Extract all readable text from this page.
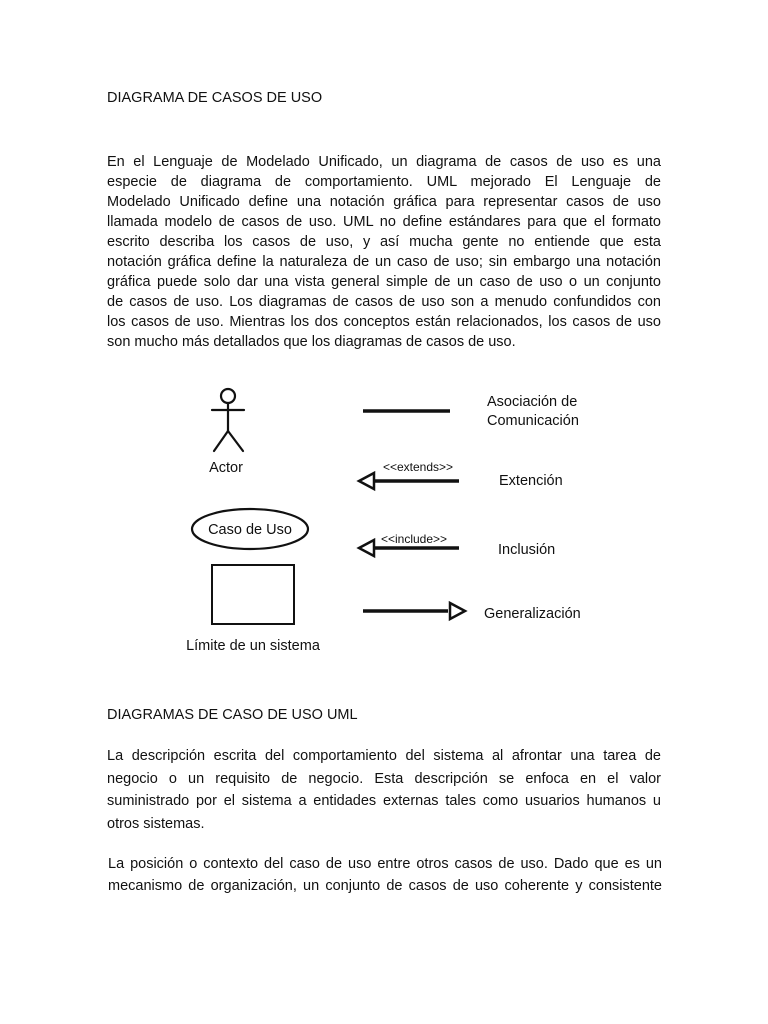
DIAGRAMA DE CASOS DE USO
En el Lenguaje de Modelado Unificado, un diagrama de casos de uso es una
especie de diagrama de comportamiento. UML mejorado El Lenguaje de
Modelado Unificado define una notación gráfica para representar casos de uso
llamada modelo de casos de uso. UML no define estándares para que el formato
escrito describa los casos de uso, y así mucha gente no entiende que esta
notación gráfica define la naturaleza de un caso de uso; sin embargo una notación
gráfica puede solo dar una vista general simple de un caso de uso o un conjunto
de casos de uso. Los diagramas de casos de uso son a menudo confundidos con
los casos de uso. Mientras los dos conceptos están relacionados, los casos de uso
son mucho más detallados que los diagramas de casos de uso.
Actor
Caso de Uso
Límite de un sistema
Asociación de
Comunicación
<<extends>>
Extención
<<include>>
Inclusión
Generalización
DIAGRAMAS DE CASO DE USO UML
La descripción escrita del comportamiento del sistema al afrontar una tarea de
negocio o un requisito de negocio. Esta descripción se enfoca en el valor
suministrado por el sistema a entidades externas tales como usuarios humanos u
otros sistemas.
La posición o contexto del caso de uso entre otros casos de uso. Dado que es un
mecanismo de organización, un conjunto de casos de uso coherente y consistente
